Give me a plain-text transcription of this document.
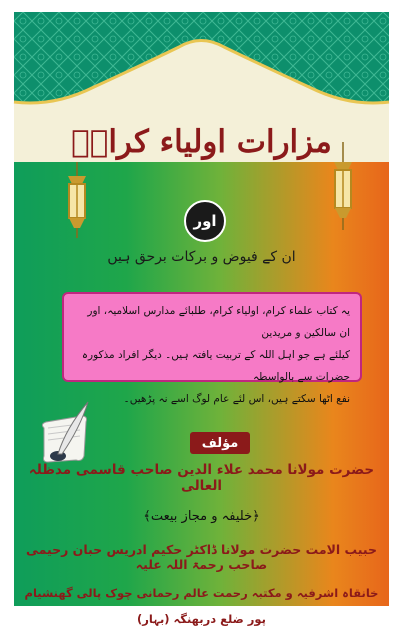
مزارات اولیاء کرامؒ
اور
ان کے فیوض و برکات برحق ہیں
یہ کتاب علماء کرام، اولیاء کرام، طلبائے مدارس اسلامیہ، اور ان سالکین و مریدین
کیلئے ہے جو اہل اللہ کے تربیت یافتہ ہیں۔ دیگر افراد مذکورہ حضرات سے بالواسطہ
نفع اٹھا سکتے ہیں، اس لئے عام لوگ اسے نہ پڑھیں۔
مؤلف
حضرت مولانا محمد علاء الدین صاحب قاسمی مدظلہ العالی
﴿خلیفہ و مجاز بیعت﴾
حبیب الامت حضرت مولانا ڈاکٹر حکیم ادریس حبان رحیمی صاحب رحمۃ اللہ علیہ
خانقاہ اشرفیہ و مکتبہ رحمت عالم رحمانی چوک پالی گھنشیام پور ضلع دربھنگہ (بہار)
